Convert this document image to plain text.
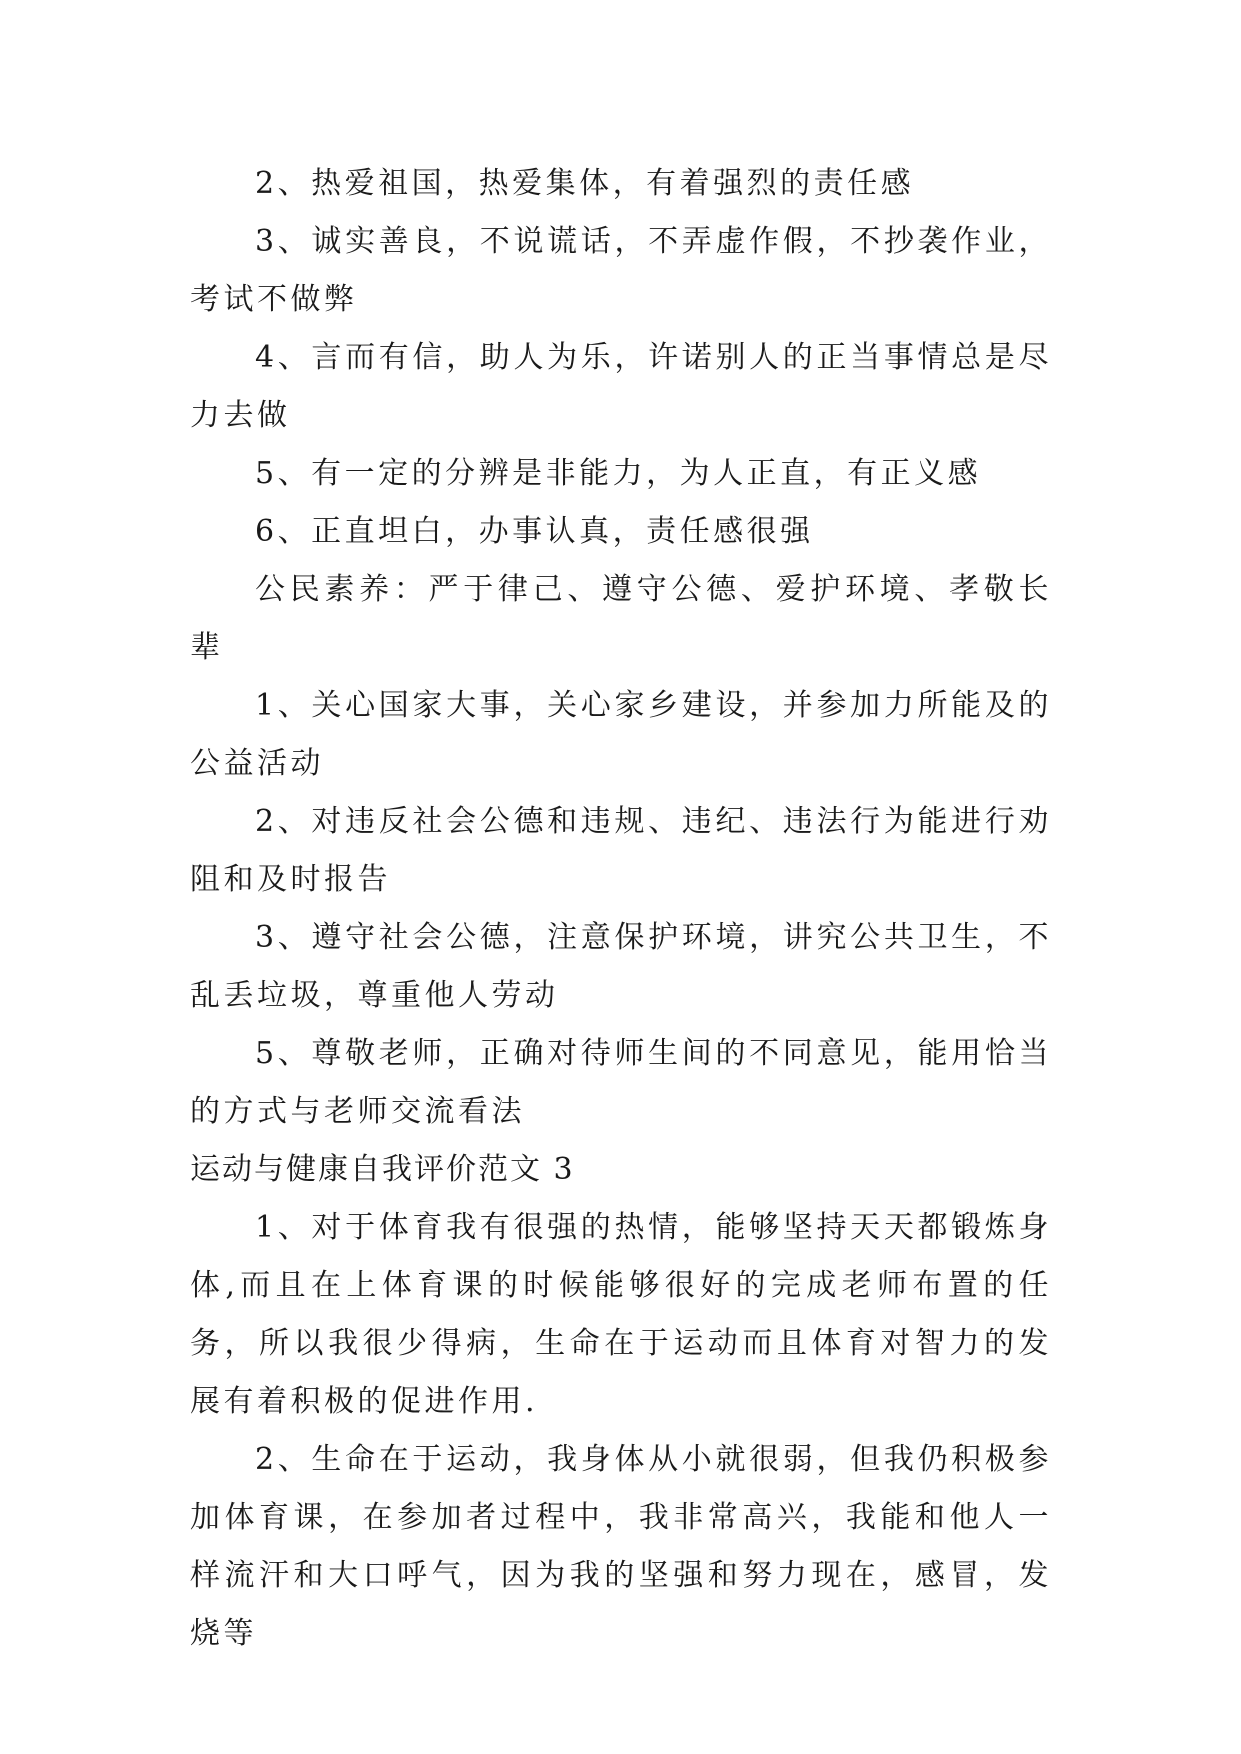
2、热爱祖国，热爱集体，有着强烈的责任感

3、诚实善良，不说谎话，不弄虚作假，不抄袭作业，考试不做弊

4、言而有信，助人为乐，许诺别人的正当事情总是尽力去做

5、有一定的分辨是非能力，为人正直，有正义感

6、正直坦白，办事认真，责任感很强

公民素养：严于律己、遵守公德、爱护环境、孝敬长辈

1、关心国家大事，关心家乡建设，并参加力所能及的公益活动

2、对违反社会公德和违规、违纪、违法行为能进行劝阻和及时报告

3、遵守社会公德，注意保护环境，讲究公共卫生，不乱丢垃圾，尊重他人劳动

5、尊敬老师，正确对待师生间的不同意见，能用恰当的方式与老师交流看法

运动与健康自我评价范文 3

1、对于体育我有很强的热情，能够坚持天天都锻炼身体,而且在上体育课的时候能够很好的完成老师布置的任务，所以我很少得病，生命在于运动而且体育对智力的发展有着积极的促进作用.

2、生命在于运动，我身体从小就很弱，但我仍积极参加体育课，在参加者过程中，我非常高兴，我能和他人一样流汗和大口呼气，因为我的坚强和努力现在，感冒，发烧等
